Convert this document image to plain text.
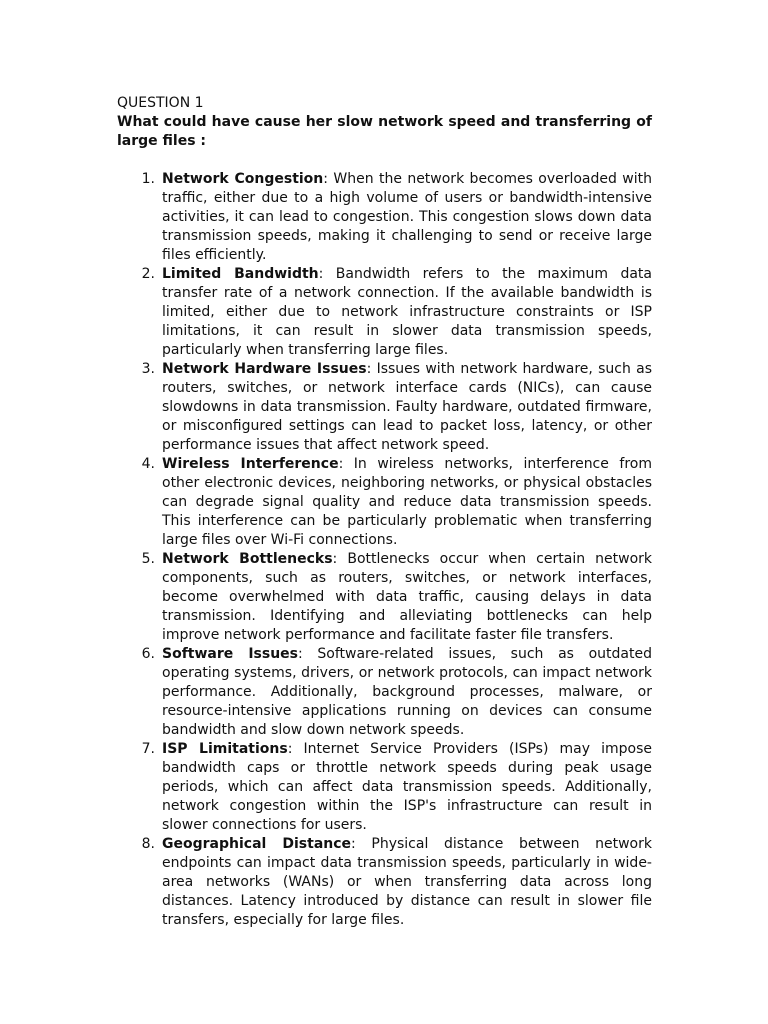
QUESTION 1

What could have cause her slow network speed and transferring of large files :

1. Network Congestion: When the network becomes overloaded with traffic, either due to a high volume of users or bandwidth-intensive activities, it can lead to congestion. This congestion slows down data transmission speeds, making it challenging to send or receive large files efficiently.
2. Limited Bandwidth: Bandwidth refers to the maximum data transfer rate of a network connection. If the available bandwidth is limited, either due to network infrastructure constraints or ISP limitations, it can result in slower data transmission speeds, particularly when transferring large files.
3. Network Hardware Issues: Issues with network hardware, such as routers, switches, or network interface cards (NICs), can cause slowdowns in data transmission. Faulty hardware, outdated firmware, or misconfigured settings can lead to packet loss, latency, or other performance issues that affect network speed.
4. Wireless Interference: In wireless networks, interference from other electronic devices, neighboring networks, or physical obstacles can degrade signal quality and reduce data transmission speeds. This interference can be particularly problematic when transferring large files over Wi-Fi connections.
5. Network Bottlenecks: Bottlenecks occur when certain network components, such as routers, switches, or network interfaces, become overwhelmed with data traffic, causing delays in data transmission. Identifying and alleviating bottlenecks can help improve network performance and facilitate faster file transfers.
6. Software Issues: Software-related issues, such as outdated operating systems, drivers, or network protocols, can impact network performance. Additionally, background processes, malware, or resource-intensive applications running on devices can consume bandwidth and slow down network speeds.
7. ISP Limitations: Internet Service Providers (ISPs) may impose bandwidth caps or throttle network speeds during peak usage periods, which can affect data transmission speeds. Additionally, network congestion within the ISP's infrastructure can result in slower connections for users.
8. Geographical Distance: Physical distance between network endpoints can impact data transmission speeds, particularly in wide-area networks (WANs) or when transferring data across long distances. Latency introduced by distance can result in slower file transfers, especially for large files.
